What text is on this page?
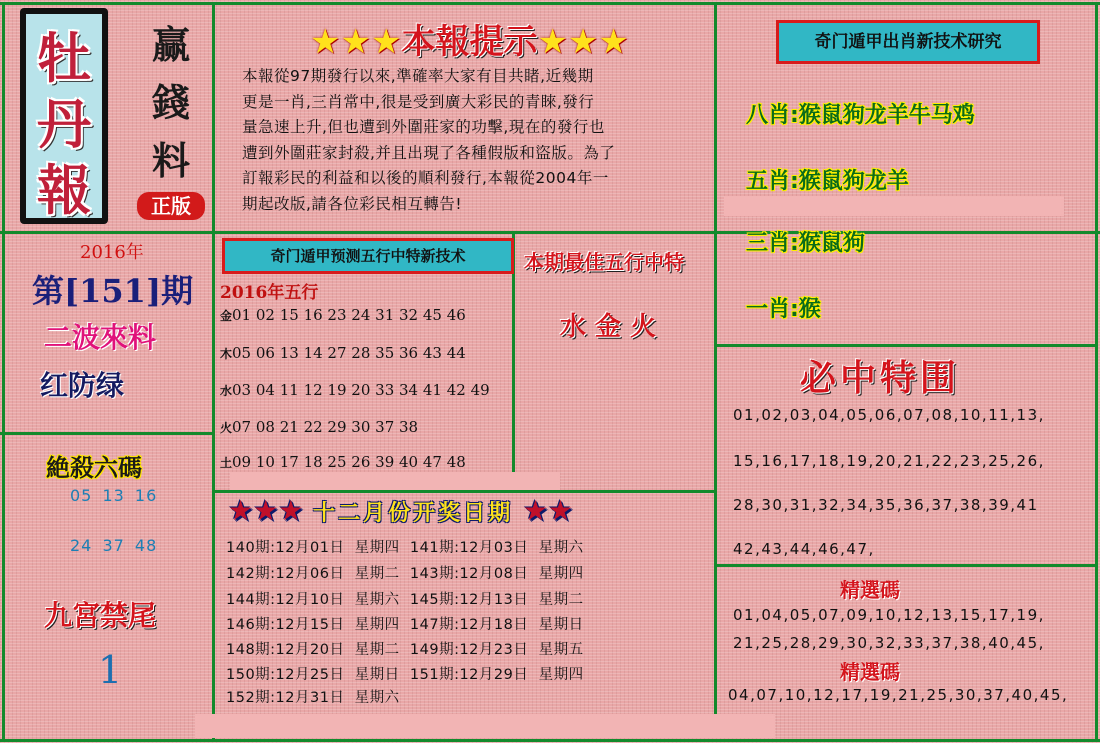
牡
丹
報
赢
錢
料
正版
2016年
第[151]期
二波來料
红防绿
絶殺六碼
05 13 16
24 37 48
九宮禁尾
1
★★★本報提示★★★
本報從97期發行以來,準確率大家有目共睹,近幾期
更是一肖,三肖常中,很是受到廣大彩民的青睞,發行
量急速上升,但也遭到外圍莊家的功擊,現在的發行也
遭到外圍莊家封殺,并且出現了各種假版和盜版。為了
訂報彩民的利益和以後的順利發行,本報從2004年一
期起改版,請各位彩民相互轉告!
奇门遁甲出肖新技术研究
八肖:猴鼠狗龙羊牛马鸡
五肖:猴鼠狗龙羊
三肖:猴鼠狗
一肖:猴
奇门遁甲预测五行中特新技术
2016年五行
金01 02 15 16 23 24 31 32 45 46
木05 06 13 14 27 28 35 36 43 44
水03 04 11 12 19 20 33 34 41 42 49
火07 08 21 22 29 30 37 38
土09 10 17 18 25 26 39 40 47 48
本期最佳五行中特
水 金 火
必中特围
01,02,03,04,05,06,07,08,10,11,13,
15,16,17,18,19,20,21,22,23,25,26,
28,30,31,32,34,35,36,37,38,39,41
42,43,44,46,47,
精選碼
01,04,05,07,09,10,12,13,15,17,19,
21,25,28,29,30,32,33,37,38,40,45,
精選碼
04,07,10,12,17,19,21,25,30,37,40,45,
★★★ 十二月份开奖日期 ★★
140期:12月01日  星期四  141期:12月03日  星期六
142期:12月06日  星期二  143期:12月08日  星期四
144期:12月10日  星期六  145期:12月13日  星期二
146期:12月15日  星期四  147期:12月18日  星期日
148期:12月20日  星期二  149期:12月23日  星期五
150期:12月25日  星期日  151期:12月29日  星期四
152期:12月31日  星期六
